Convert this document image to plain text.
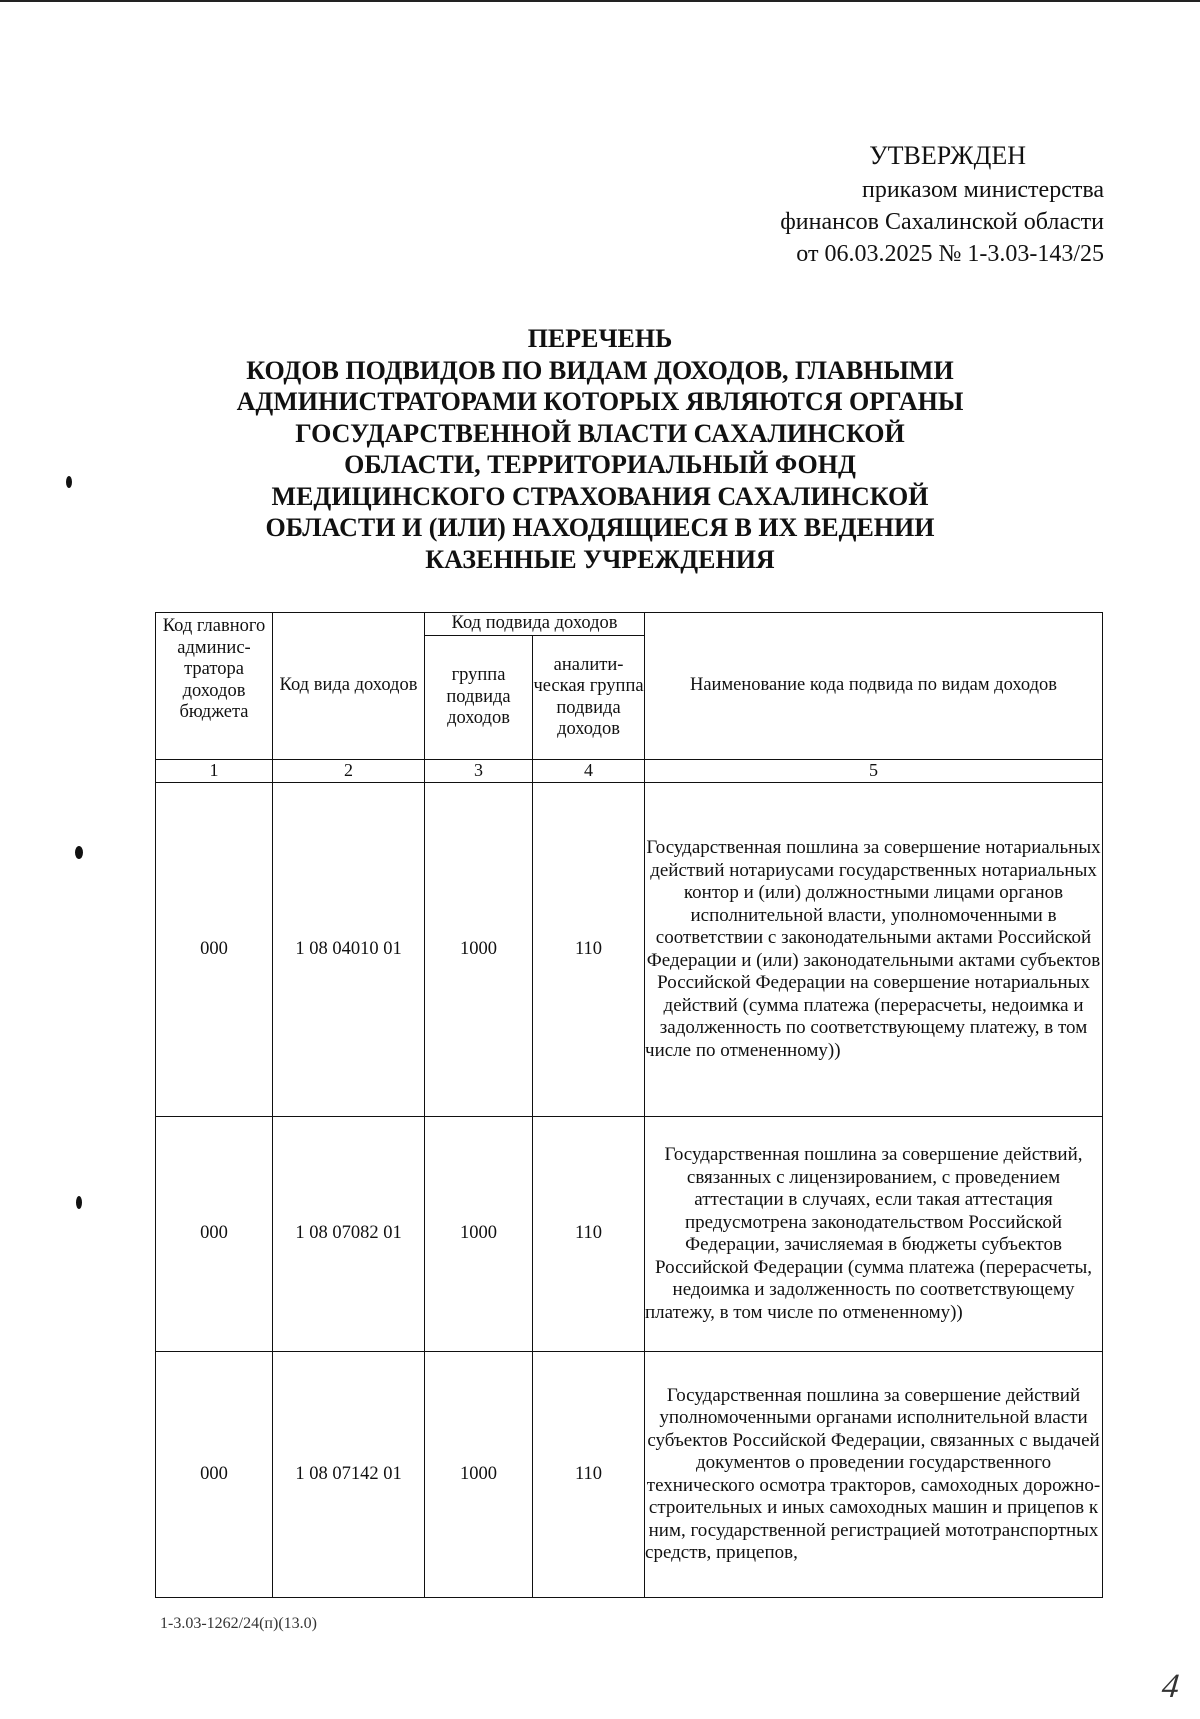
УТВЕРЖДЕН
приказом министерства
финансов Сахалинской области
от 06.03.2025 № 1-3.03-143/25
ПЕРЕЧЕНЬ
КОДОВ ПОДВИДОВ ПО ВИДАМ ДОХОДОВ, ГЛАВНЫМИ
АДМИНИСТРАТОРАМИ КОТОРЫХ ЯВЛЯЮТСЯ ОРГАНЫ
ГОСУДАРСТВЕННОЙ ВЛАСТИ САХАЛИНСКОЙ
ОБЛАСТИ, ТЕРРИТОРИАЛЬНЫЙ ФОНД
МЕДИЦИНСКОГО СТРАХОВАНИЯ САХАЛИНСКОЙ
ОБЛАСТИ И (ИЛИ) НАХОДЯЩИЕСЯ В ИХ ВЕДЕНИИ
КАЗЕННЫЕ УЧРЕЖДЕНИЯ
Код главного админис-тратора доходов бюджета	Код вида доходов	Код подвида доходов		Наименование кода подвида по видам доходов
		группа подвида доходов	аналити-ческая группа подвида доходов	
1	2	3	4	5
000	1 08 04010 01	1000	110	Государственная пошлина за совершение нотариальных действий нотариусами государственных нотариальных контор и (или) должностными лицами органов исполнительной власти, уполномоченными в соответствии с законодательными актами Российской Федерации и (или) законодательными актами субъектов Российской Федерации на совершение нотариальных действий (сумма платежа (перерасчеты, недоимка и задолженность по соответствующему платежу, в том числе по отмененному))
000	1 08 07082 01	1000	110	Государственная пошлина за совершение действий, связанных с лицензированием, с проведением аттестации в случаях, если такая аттестация предусмотрена законодательством Российской Федерации, зачисляемая в бюджеты субъектов Российской Федерации (сумма платежа (перерасчеты, недоимка и задолженность по соответствующему платежу, в том числе по отмененному))
000	1 08 07142 01	1000	110	Государственная пошлина за совершение действий уполномоченными органами исполнительной власти субъектов Российской Федерации, связанных с выдачей документов о проведении государственного технического осмотра тракторов, самоходных дорожно-строительных и иных самоходных машин и прицепов к ним, государственной регистрацией мототранспортных средств, прицепов,
1-3.03-1262/24(п)(13.0)
4
